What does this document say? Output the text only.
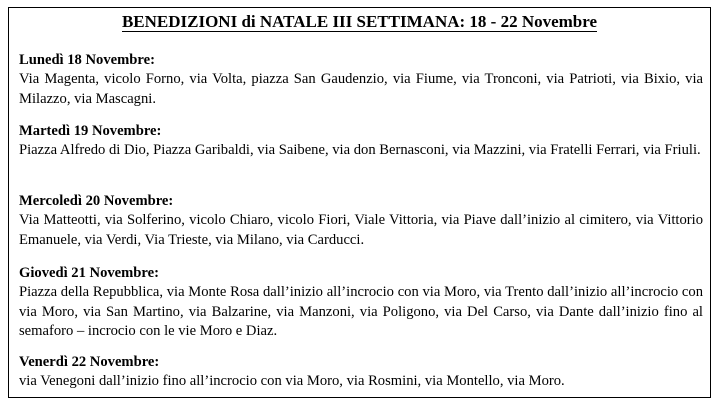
BENEDIZIONI di NATALE III SETTIMANA: 18 - 22 Novembre
Lunedì 18 Novembre:
Via Magenta, vicolo Forno, via Volta, piazza San Gaudenzio, via Fiume, via Tronconi, via Patrioti, via Bixio, via Milazzo, via Mascagni.
Martedì 19 Novembre:
Piazza Alfredo di Dio, Piazza Garibaldi, via Saibene, via don Bernasconi, via Mazzini, via Fratelli Ferrari, via Friuli.
Mercoledì 20 Novembre:
Via Matteotti, via Solferino, vicolo Chiaro, vicolo Fiori, Viale Vittoria, via Piave dall’inizio al cimitero, via Vittorio Emanuele, via Verdi, Via Trieste, via Milano, via Carducci.
Giovedì 21 Novembre:
Piazza della Repubblica, via Monte Rosa dall’inizio all’incrocio con via Moro, via Trento dall’inizio all’incrocio con via Moro, via San Martino, via Balzarine, via Manzoni, via Poligono, via Del Carso, via Dante dall’inizio fino al semaforo – incrocio con le vie Moro e Diaz.
Venerdì 22 Novembre:
via Venegoni dall’inizio fino all’incrocio con via Moro, via Rosmini, via Montello, via Moro.
